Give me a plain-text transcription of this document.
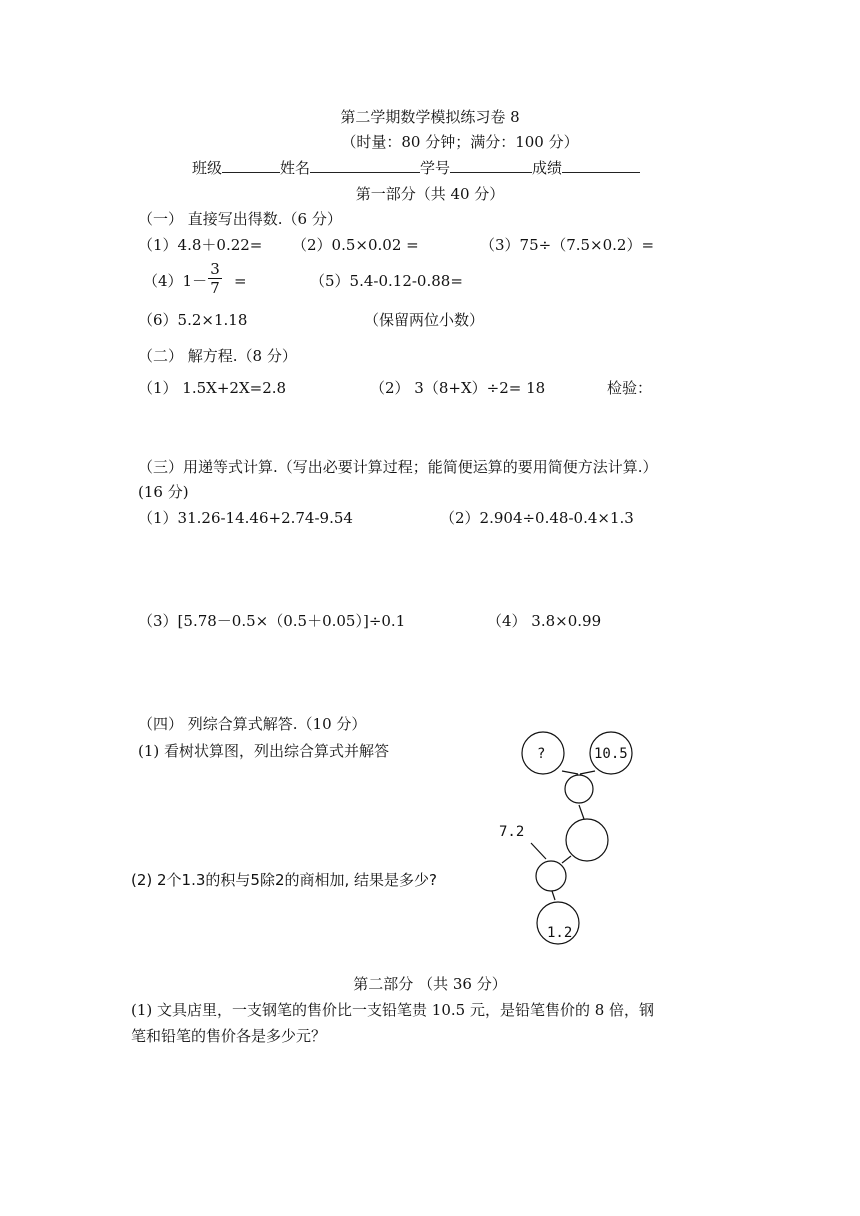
第二学期数学模拟练习卷 8
（时量：80 分钟；满分：100 分）
班级	姓名	学号	成绩
第一部分（共 40 分）
（一） 直接写出得数.（6 分）
（1）4.8＋0.22= （2）0.5×0.02 =	（3）75÷（7.5×0.2）=
（4）1－
3
7 =	（5）5.4-0.12-0.88=
（6）5.2×1.18	（保留两位小数）
（二） 解方程.（8 分）
（1） 1.5X+2X=2.8	（2） 3（8+X）÷2= 18	检验：
（三）用递等式计算.（写出必要计算过程；能简便运算的要用简便方法计算.）
(16 分)
（1）31.26-14.46+2.74-9.54	（2）2.904÷0.48-0.4×1.3
（3）[5.78－0.5×（0.5＋0.05）]÷0.1	（4） 3.8×0.99
（四） 列综合算式解答.（10 分）
(1) 看树状算图，列出综合算式并解答
(2) 2个1.3的积与5除2的商相加, 结果是多少?
?	10.5
7.2
1.2
第二部分 （共 36 分）
(1) 文具店里，一支钢笔的售价比一支铅笔贵 10.5 元，是铅笔售价的 8 倍，钢
笔和铅笔的售价各是多少元？
